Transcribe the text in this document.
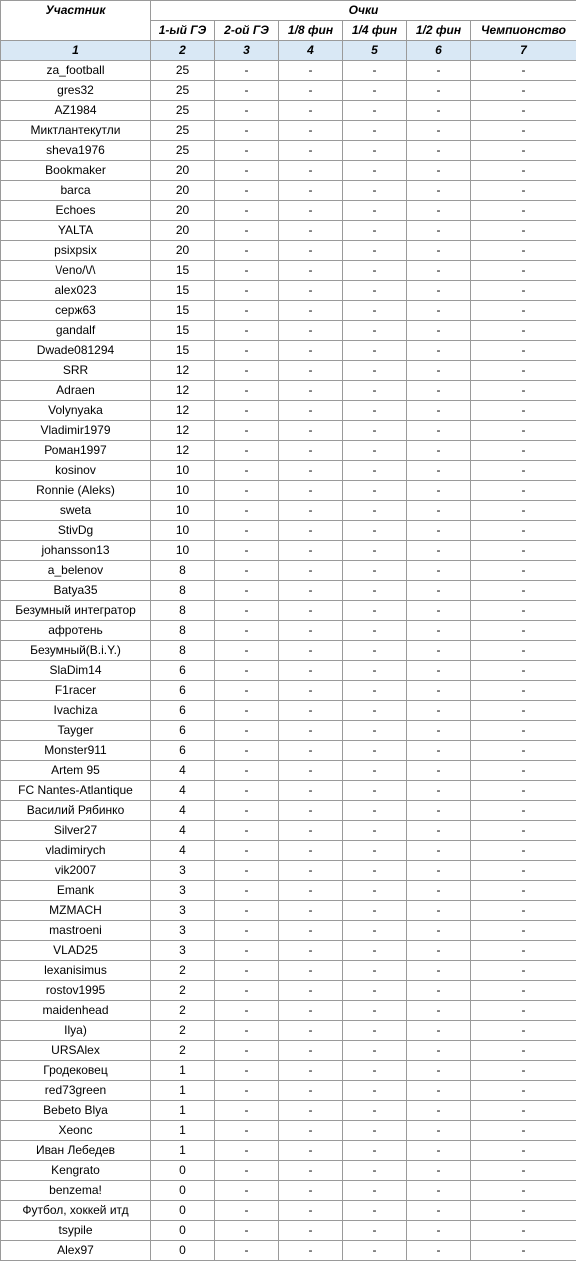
Участник	Очки					
	1-ый ГЭ	2-ой ГЭ	1/8 фин	1/4 фин	1/2 фин	Чемпионство
1	2	3	4	5	6	7
za_football	25	-	-	-	-	-
gres32	25	-	-	-	-	-
AZ1984	25	-	-	-	-	-
Миктлантекутли	25	-	-	-	-	-
sheva1976	25	-	-	-	-	-
Bookmaker	20	-	-	-	-	-
barca	20	-	-	-	-	-
Echoes	20	-	-	-	-	-
YALTA	20	-	-	-	-	-
psixpsix	20	-	-	-	-	-
\/eno/\/\	15	-	-	-	-	-
alex023	15	-	-	-	-	-
серж63	15	-	-	-	-	-
gandalf	15	-	-	-	-	-
Dwade081294	15	-	-	-	-	-
SRR	12	-	-	-	-	-
Adraen	12	-	-	-	-	-
Volynyaka	12	-	-	-	-	-
Vladimir1979	12	-	-	-	-	-
Роман1997	12	-	-	-	-	-
kosinov	10	-	-	-	-	-
Ronnie (Aleks)	10	-	-	-	-	-
sweta	10	-	-	-	-	-
StivDg	10	-	-	-	-	-
johansson13	10	-	-	-	-	-
a_belenov	8	-	-	-	-	-
Batya35	8	-	-	-	-	-
Безумный интегратор	8	-	-	-	-	-
афротень	8	-	-	-	-	-
Безумный(B.i.Y.)	8	-	-	-	-	-
SlaDim14	6	-	-	-	-	-
F1racer	6	-	-	-	-	-
Ivachiza	6	-	-	-	-	-
Tayger	6	-	-	-	-	-
Monster911	6	-	-	-	-	-
Artem 95	4	-	-	-	-	-
FC Nantes-Atlantique	4	-	-	-	-	-
Василий Рябинко	4	-	-	-	-	-
Silver27	4	-	-	-	-	-
vladimirych	4	-	-	-	-	-
vik2007	3	-	-	-	-	-
Emank	3	-	-	-	-	-
MZMACH	3	-	-	-	-	-
mastroeni	3	-	-	-	-	-
VLAD25	3	-	-	-	-	-
lexanisimus	2	-	-	-	-	-
rostov1995	2	-	-	-	-	-
maidenhead	2	-	-	-	-	-
Ilya)	2	-	-	-	-	-
URSAlex	2	-	-	-	-	-
Гродековец	1	-	-	-	-	-
red73green	1	-	-	-	-	-
Bebeto Blya	1	-	-	-	-	-
Xeonc	1	-	-	-	-	-
Иван Лебедев	1	-	-	-	-	-
Kengrato	0	-	-	-	-	-
benzema!	0	-	-	-	-	-
Футбол, хоккей итд	0	-	-	-	-	-
tsypile	0	-	-	-	-	-
Alex97	0	-	-	-	-	-
